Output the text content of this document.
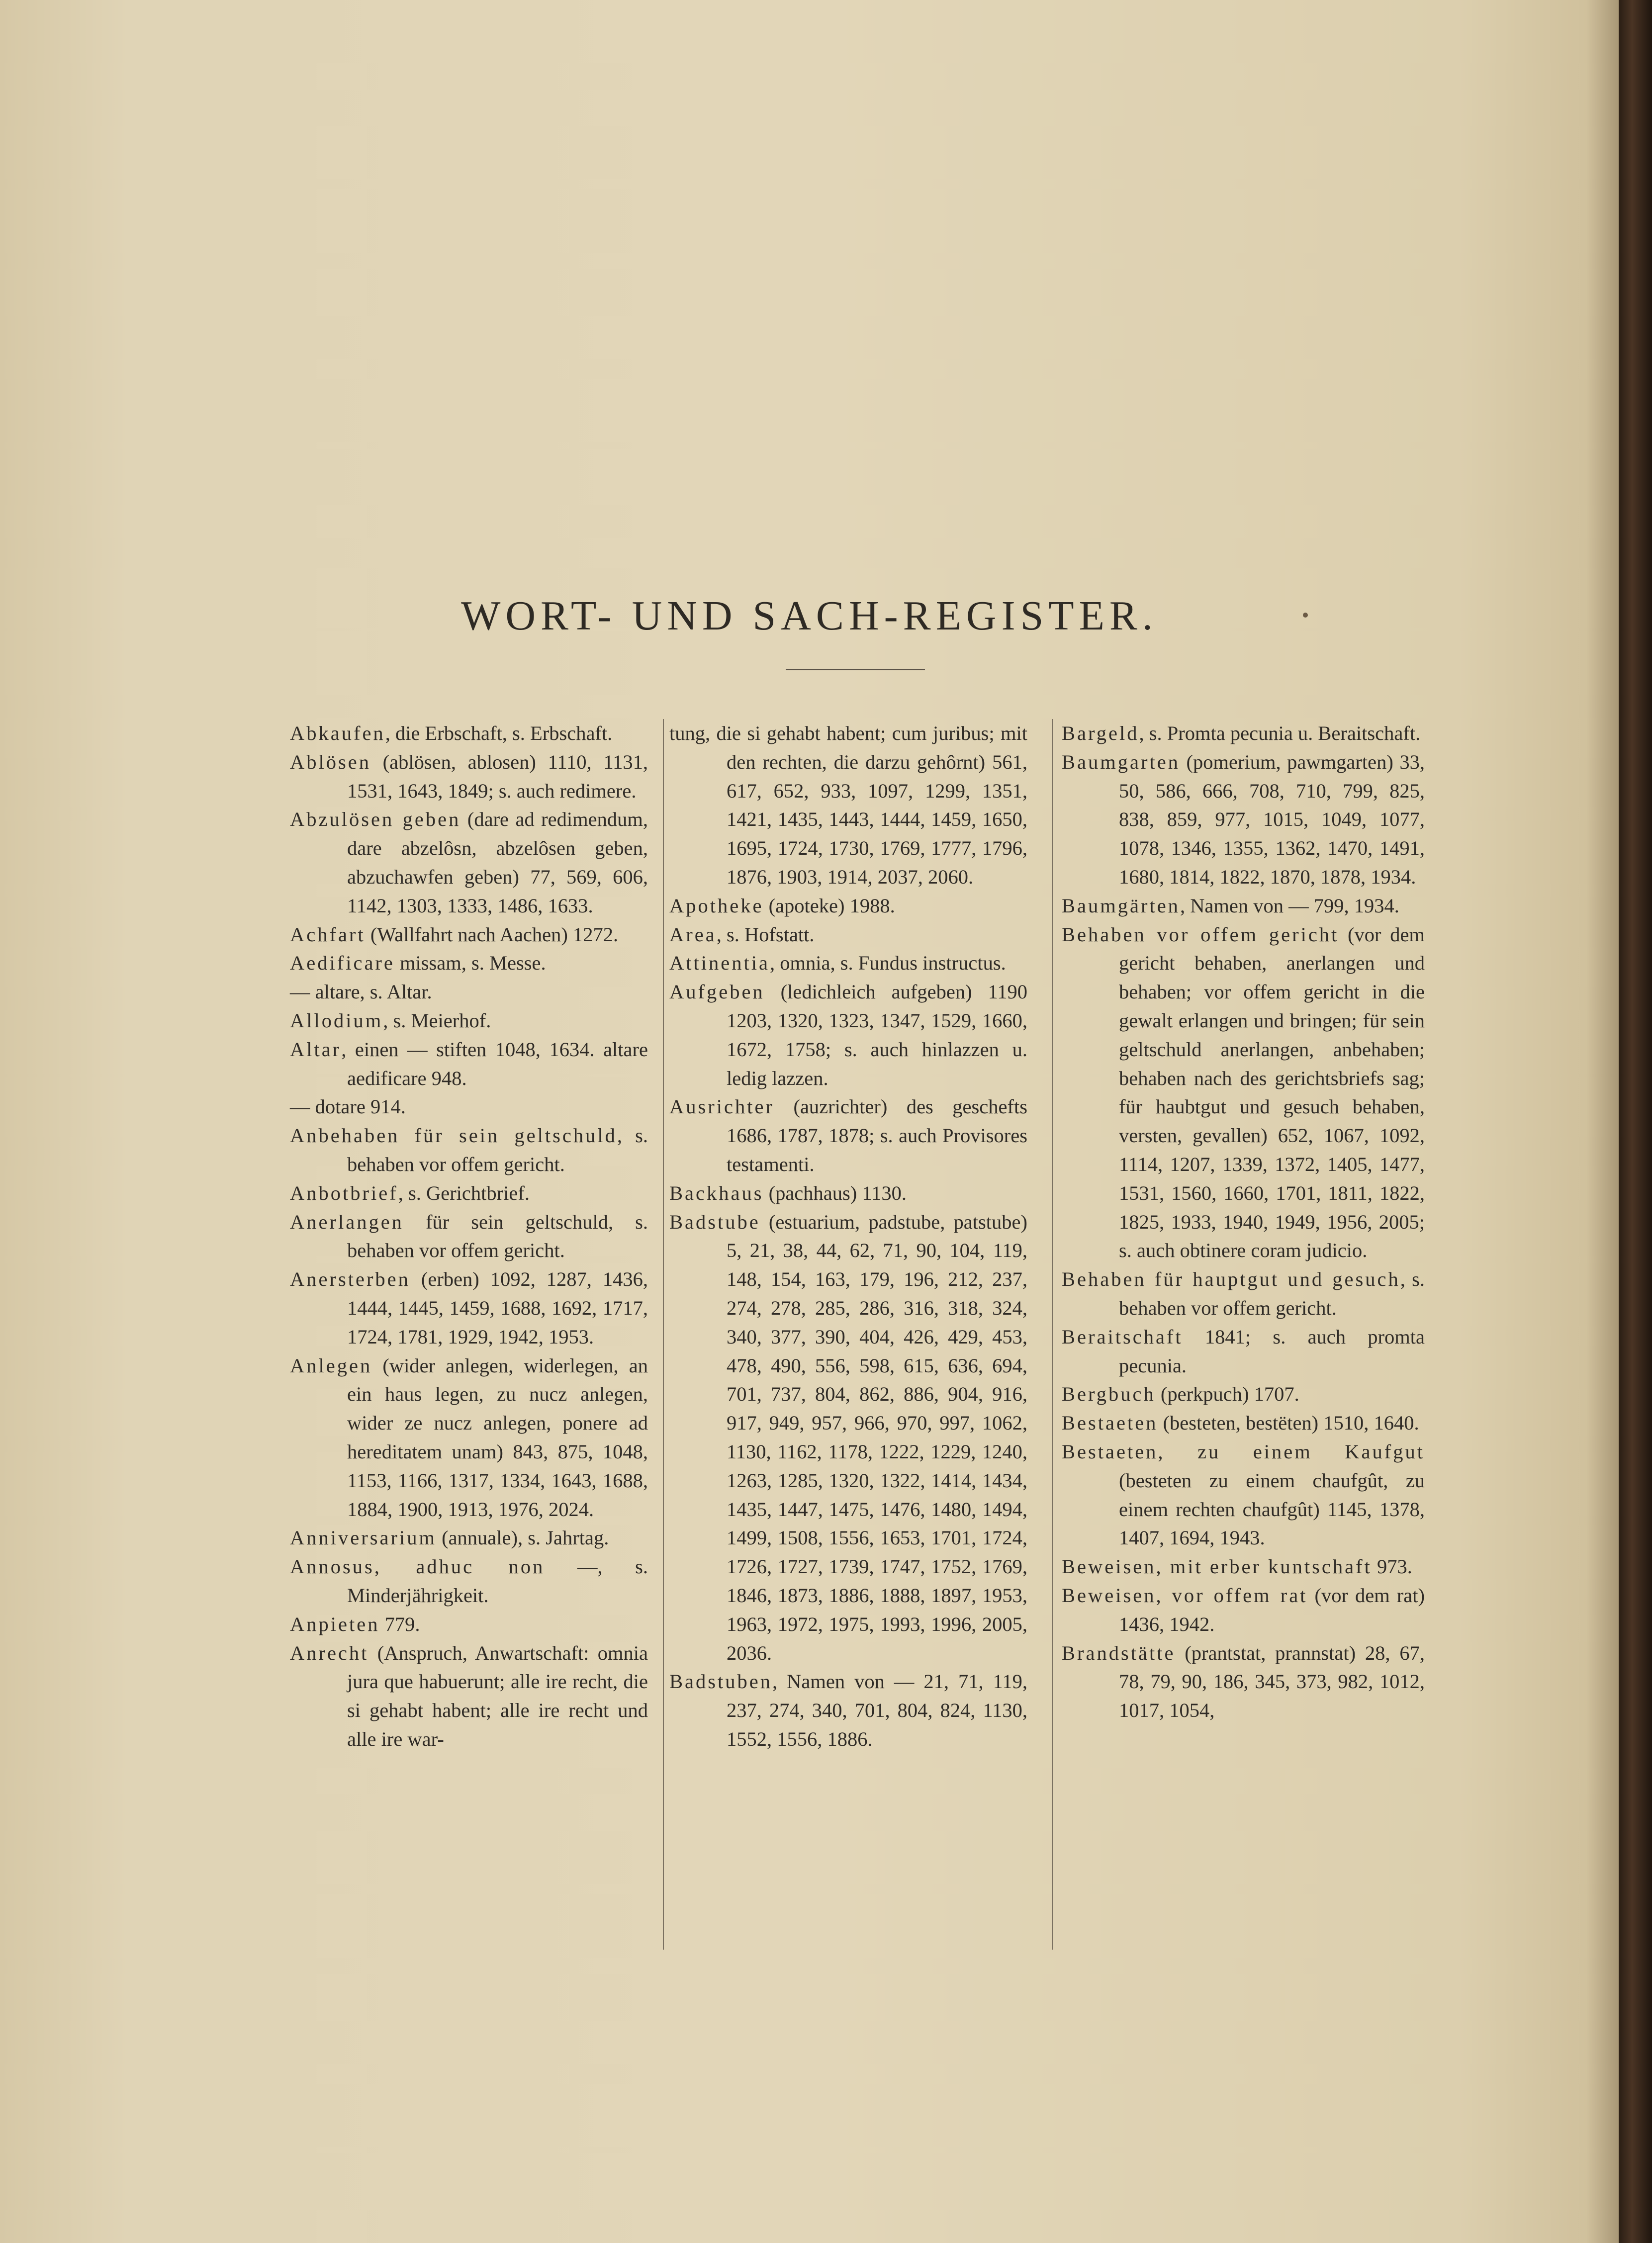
WORT- UND SACH-REGISTER.

Abkaufen, die Erbschaft, s. Erbschaft.

Ablösen (ablösen, ablosen) 1110, 1131, 1531, 1643, 1849; s. auch redimere.

Abzulösen geben (dare ad redimendum, dare abzelôsn, abzelôsen geben, abzuchawfen geben) 77, 569, 606, 1142, 1303, 1333, 1486, 1633.

Achfart (Wallfahrt nach Aachen) 1272.

Aedificare missam, s. Messe.

— altare, s. Altar.

Allodium, s. Meierhof.

Altar, einen — stiften 1048, 1634. altare aedificare 948.

— dotare 914.

Anbehaben für sein geltschuld, s. behaben vor offem gericht.

Anbotbrief, s. Gerichtbrief.

Anerlangen für sein geltschuld, s. behaben vor offem gericht.

Anersterben (erben) 1092, 1287, 1436, 1444, 1445, 1459, 1688, 1692, 1717, 1724, 1781, 1929, 1942, 1953.

Anlegen (wider anlegen, widerlegen, an ein haus legen, zu nucz anlegen, wider ze nucz anlegen, ponere ad hereditatem unam) 843, 875, 1048, 1153, 1166, 1317, 1334, 1643, 1688, 1884, 1900, 1913, 1976, 2024.

Anniversarium (annuale), s. Jahrtag.

Annosus, adhuc non —, s. Minderjährigkeit.

Anpieten 779.

Anrecht (Anspruch, Anwartschaft: omnia jura que habuerunt; alle ire recht, die si gehabt habent; alle ire recht und alle ire war-

tung, die si gehabt habent; cum juribus; mit den rechten, die darzu gehôrnt) 561, 617, 652, 933, 1097, 1299, 1351, 1421, 1435, 1443, 1444, 1459, 1650, 1695, 1724, 1730, 1769, 1777, 1796, 1876, 1903, 1914, 2037, 2060.

Apotheke (apoteke) 1988.

Area, s. Hofstatt.

Attinentia, omnia, s. Fundus instructus.

Aufgeben (ledichleich aufgeben) 1190 1203, 1320, 1323, 1347, 1529, 1660, 1672, 1758; s. auch hinlazzen u. ledig lazzen.

Ausrichter (auzrichter) des geschefts 1686, 1787, 1878; s. auch Provisores testamenti.

Backhaus (pachhaus) 1130.

Badstube (estuarium, padstube, patstube) 5, 21, 38, 44, 62, 71, 90, 104, 119, 148, 154, 163, 179, 196, 212, 237, 274, 278, 285, 286, 316, 318, 324, 340, 377, 390, 404, 426, 429, 453, 478, 490, 556, 598, 615, 636, 694, 701, 737, 804, 862, 886, 904, 916, 917, 949, 957, 966, 970, 997, 1062, 1130, 1162, 1178, 1222, 1229, 1240, 1263, 1285, 1320, 1322, 1414, 1434, 1435, 1447, 1475, 1476, 1480, 1494, 1499, 1508, 1556, 1653, 1701, 1724, 1726, 1727, 1739, 1747, 1752, 1769, 1846, 1873, 1886, 1888, 1897, 1953, 1963, 1972, 1975, 1993, 1996, 2005, 2036.

Badstuben, Namen von — 21, 71, 119, 237, 274, 340, 701, 804, 824, 1130, 1552, 1556, 1886.

Bargeld, s. Promta pecunia u. Beraitschaft.

Baumgarten (pomerium, pawmgarten) 33, 50, 586, 666, 708, 710, 799, 825, 838, 859, 977, 1015, 1049, 1077, 1078, 1346, 1355, 1362, 1470, 1491, 1680, 1814, 1822, 1870, 1878, 1934.

Baumgärten, Namen von — 799, 1934.

Behaben vor offem gericht (vor dem gericht behaben, anerlangen und behaben; vor offem gericht in die gewalt erlangen und bringen; für sein geltschuld anerlangen, anbehaben; behaben nach des gerichtsbriefs sag; für haubtgut und gesuch behaben, versten, gevallen) 652, 1067, 1092, 1114, 1207, 1339, 1372, 1405, 1477, 1531, 1560, 1660, 1701, 1811, 1822, 1825, 1933, 1940, 1949, 1956, 2005; s. auch obtinere coram judicio.

Behaben für hauptgut und gesuch, s. behaben vor offem gericht.

Beraitschaft 1841; s. auch promta pecunia.

Bergbuch (perkpuch) 1707.

Bestaeten (besteten, bestëten) 1510, 1640.

Bestaeten, zu einem Kaufgut (besteten zu einem chaufgût, zu einem rechten chaufgût) 1145, 1378, 1407, 1694, 1943.

Beweisen, mit erber kuntschaft 973.

Beweisen, vor offem rat (vor dem rat) 1436, 1942.

Brandstätte (prantstat, prannstat) 28, 67, 78, 79, 90, 186, 345, 373, 982, 1012, 1017, 1054,
